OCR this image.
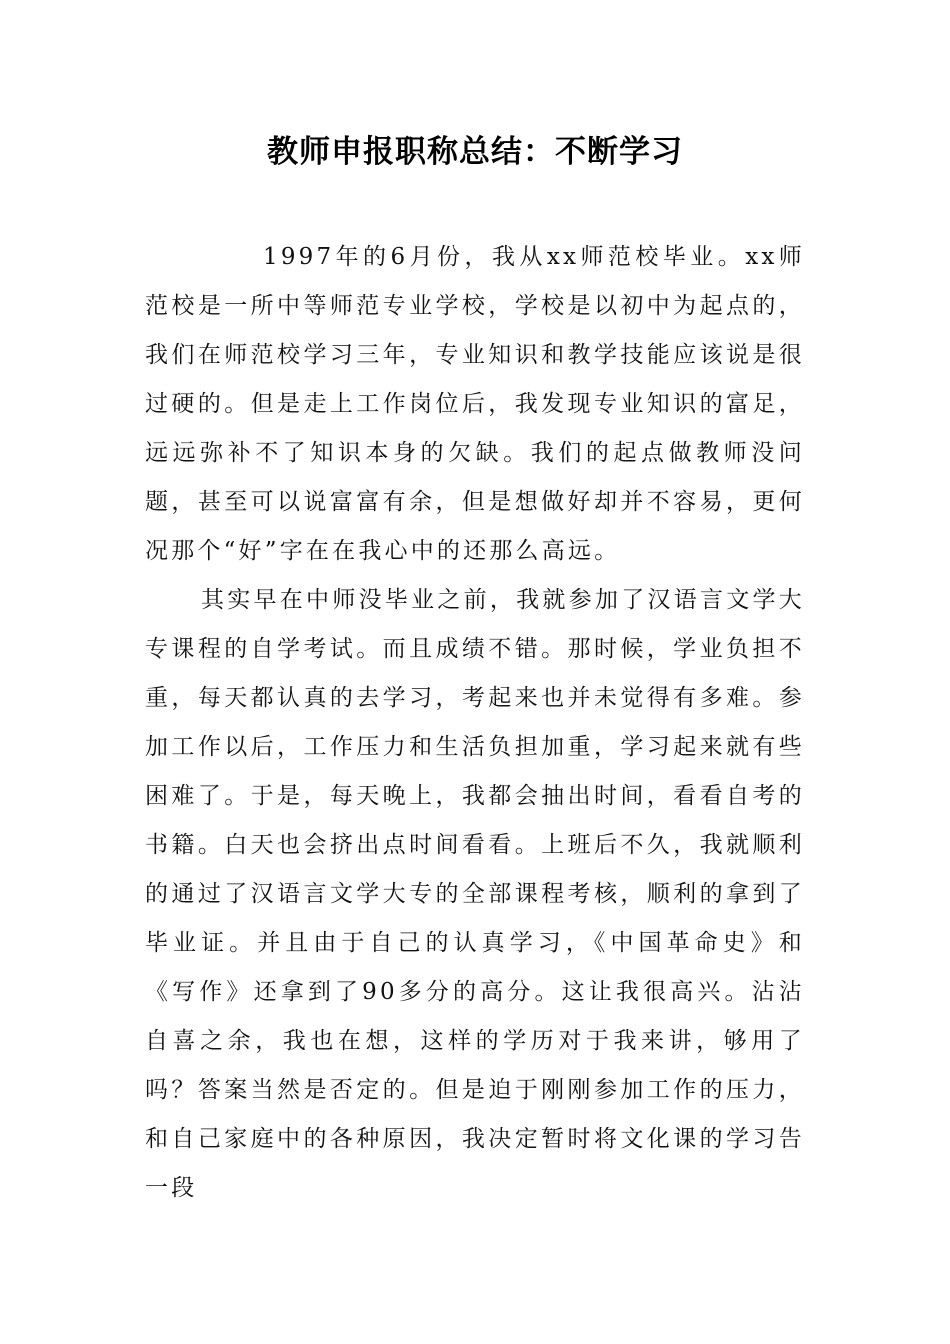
教师申报职称总结：不断学习

1997年的6月份，我从xx师范校毕业。xx师范校是一所中等师范专业学校，学校是以初中为起点的，我们在师范校学习三年，专业知识和教学技能应该说是很过硬的。但是走上工作岗位后，我发现专业知识的富足，远远弥补不了知识本身的欠缺。我们的起点做教师没问题，甚至可以说富富有余，但是想做好却并不容易，更何况那个“好”字在在我心中的还那么高远。

其实早在中师没毕业之前，我就参加了汉语言文学大专课程的自学考试。而且成绩不错。那时候，学业负担不重，每天都认真的去学习，考起来也并未觉得有多难。参加工作以后，工作压力和生活负担加重，学习起来就有些困难了。于是，每天晚上，我都会抽出时间，看看自考的书籍。白天也会挤出点时间看看。上班后不久，我就顺利的通过了汉语言文学大专的全部课程考核，顺利的拿到了毕业证。并且由于自己的认真学习，《中国革命史》和《写作》还拿到了90多分的高分。这让我很高兴。沾沾自喜之余，我也在想，这样的学历对于我来讲，够用了吗？答案当然是否定的。但是迫于刚刚参加工作的压力，和自己家庭中的各种原因，我决定暂时将文化课的学习告一段
